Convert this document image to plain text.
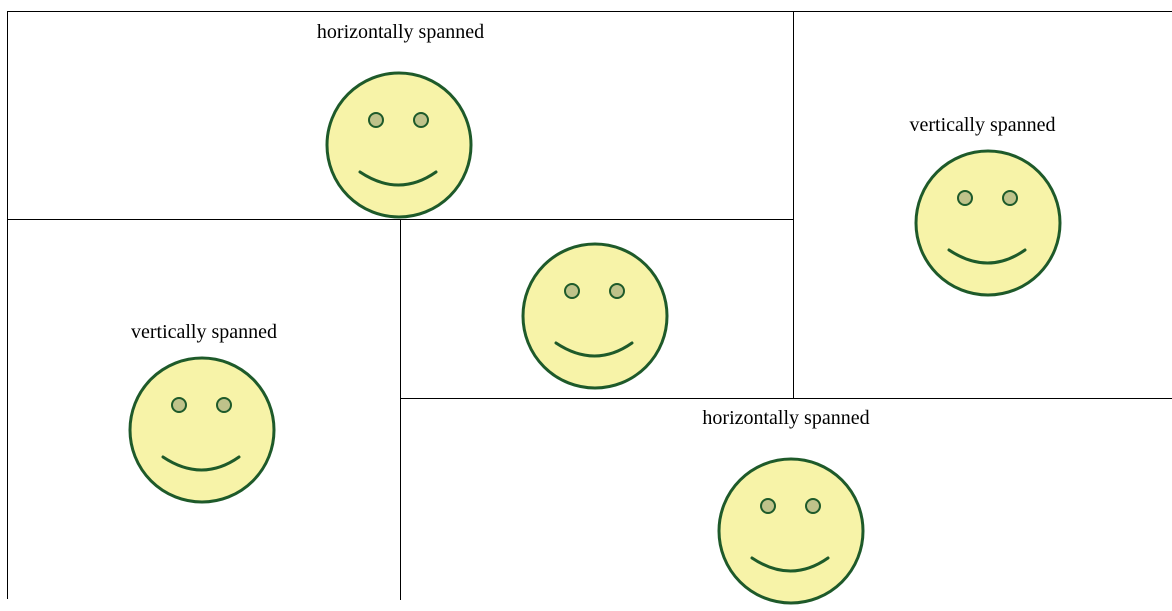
horizontally spanned
vertically spanned
vertically spanned
horizontally spanned
